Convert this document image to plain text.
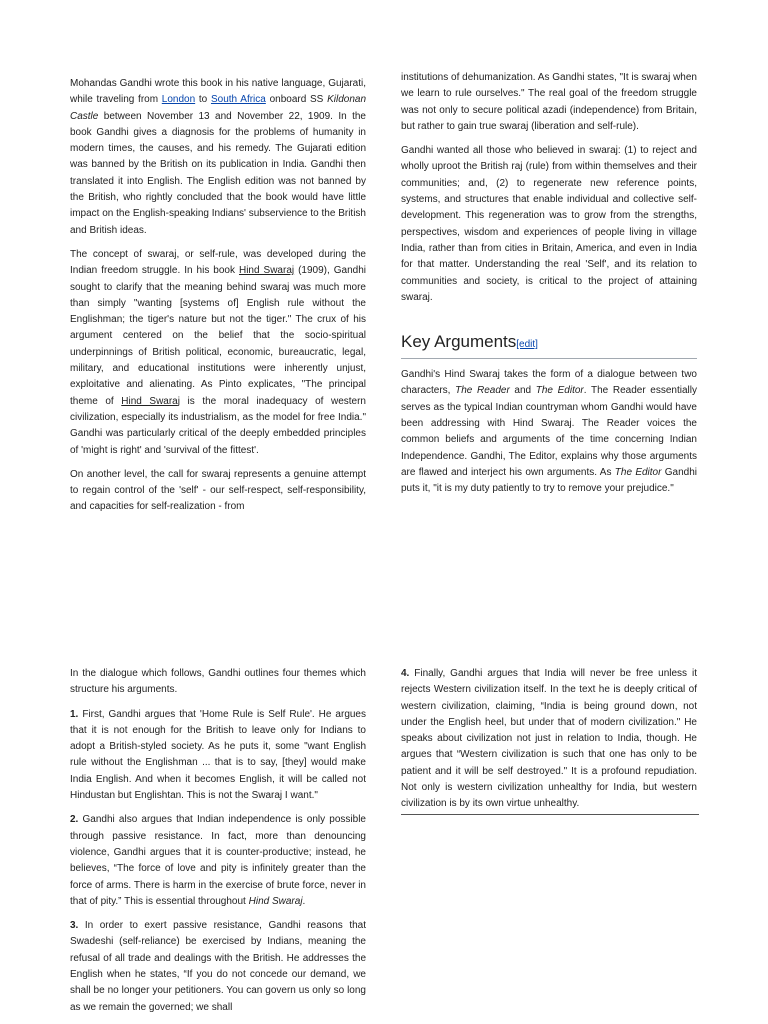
Mohandas Gandhi wrote this book in his native language, Gujarati, while traveling from London to South Africa onboard SS Kildonan Castle between November 13 and November 22, 1909. In the book Gandhi gives a diagnosis for the problems of humanity in modern times, the causes, and his remedy. The Gujarati edition was banned by the British on its publication in India. Gandhi then translated it into English. The English edition was not banned by the British, who rightly concluded that the book would have little impact on the English-speaking Indians' subservience to the British and British ideas.

The concept of swaraj, or self-rule, was developed during the Indian freedom struggle. In his book Hind Swaraj (1909), Gandhi sought to clarify that the meaning behind swaraj was much more than simply "wanting [systems of] English rule without the Englishman; the tiger's nature but not the tiger." The crux of his argument centered on the belief that the socio-spiritual underpinnings of British political, economic, bureaucratic, legal, military, and educational institutions were inherently unjust, exploitative and alienating. As Pinto explicates, "The principal theme of Hind Swaraj is the moral inadequacy of western civilization, especially its industrialism, as the model for free India." Gandhi was particularly critical of the deeply embedded principles of 'might is right' and 'survival of the fittest'.

On another level, the call for swaraj represents a genuine attempt to regain control of the 'self' - our self-respect, self-responsibility, and capacities for self-realization - from

institutions of dehumanization. As Gandhi states, "It is swaraj when we learn to rule ourselves." The real goal of the freedom struggle was not only to secure political azadi (independence) from Britain, but rather to gain true swaraj (liberation and self-rule).

Gandhi wanted all those who believed in swaraj: (1) to reject and wholly uproot the British raj (rule) from within themselves and their communities; and, (2) to regenerate new reference points, systems, and structures that enable individual and collective self-development. This regeneration was to grow from the strengths, perspectives, wisdom and experiences of people living in village India, rather than from cities in Britain, America, and even in India for that matter. Understanding the real 'Self', and its relation to communities and society, is critical to the project of attaining swaraj.

Key Arguments[edit]

Gandhi's Hind Swaraj takes the form of a dialogue between two characters, The Reader and The Editor. The Reader essentially serves as the typical Indian countryman whom Gandhi would have been addressing with Hind Swaraj. The Reader voices the common beliefs and arguments of the time concerning Indian Independence. Gandhi, The Editor, explains why those arguments are flawed and interject his own arguments. As The Editor Gandhi puts it, "it is my duty patiently to try to remove your prejudice."

In the dialogue which follows, Gandhi outlines four themes which structure his arguments.

1. First, Gandhi argues that 'Home Rule is Self Rule'. He argues that it is not enough for the British to leave only for Indians to adopt a British-styled society. As he puts it, some "want English rule without the Englishman ... that is to say, [they] would make India English. And when it becomes English, it will be called not Hindustan but Englishtan. This is not the Swaraj I want."

2. Gandhi also argues that Indian independence is only possible through passive resistance. In fact, more than denouncing violence, Gandhi argues that it is counter-productive; instead, he believes, “The force of love and pity is infinitely greater than the force of arms. There is harm in the exercise of brute force, never in that of pity.” This is essential throughout Hind Swaraj.

3. In order to exert passive resistance, Gandhi reasons that Swadeshi (self-reliance) be exercised by Indians, meaning the refusal of all trade and dealings with the British. He addresses the English when he states, “If you do not concede our demand, we shall be no longer your petitioners. You can govern us only so long as we remain the governed; we shall

4. Finally, Gandhi argues that India will never be free unless it rejects Western civilization itself. In the text he is deeply critical of western civilization, claiming, “India is being ground down, not under the English heel, but under that of modern civilization." He speaks about civilization not just in relation to India, though. He argues that “Western civilization is such that one has only to be patient and it will be self destroyed." It is a profound repudiation. Not only is western civilization unhealthy for India, but western civilization is by its own virtue unhealthy.
